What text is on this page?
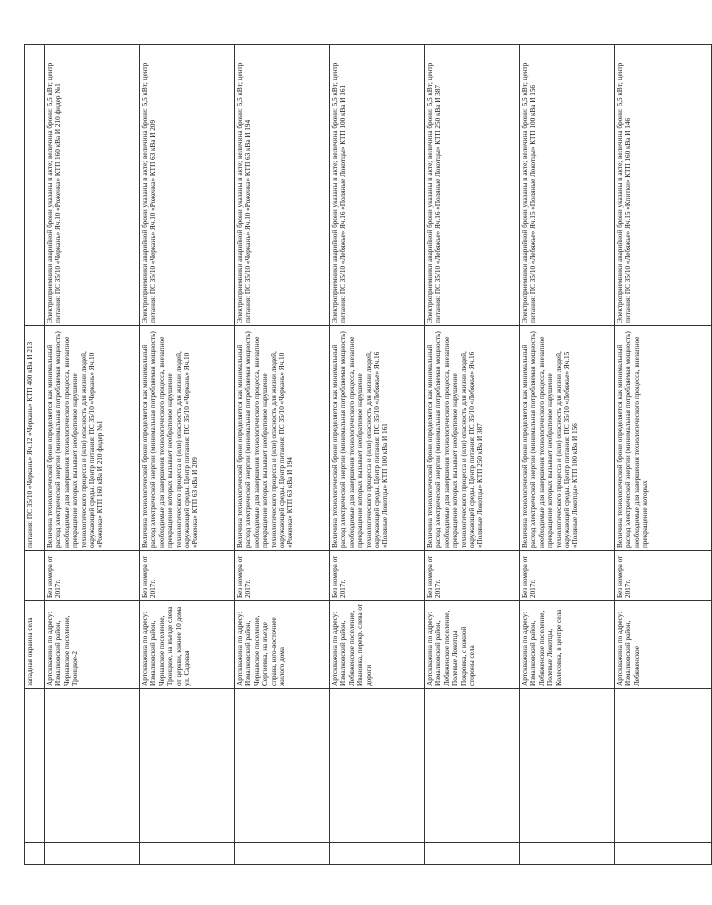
		западная окраина села		питания: ПС 35/10 «Черкань» Яч.12 «Черкань» КТП 400 кВа И 213	
		Артскважина по адресу: Измалковский район, Чернавское поселение, Троицкое-2	Без номера от 2017г.	Величина технологической брони определяется как минимальный расход электрической энергии (минимальная потребляемая мощность) необходимые для завершения технологического процесса, внезапное прекращение которых вызывает необратимое нарушение технологического процесса и (или) опасность для жизни людей, окружающей среды. Центр питания: ПС 35/10 «Черкань» Яч.10 «Роженка» КТП 160 кВа И 210 фидер №1	Электроприемники аварийной брони указаны в акте; величина брони: 5,5 кВт; центр питания: ПС 35/10 «Черкань» Яч.10 «Роженка» КТП 160 кВа И 210 фидер №1
		Артскважина по адресу: Измалковский район, Чернавское поселение, Троицкое, на въезде слева от церкви, южнее 10 дома ул. Садовая	Без номера от 2017г.	Величина технологической брони определяется как минимальный расход электрической энергии (минимальная потребляемая мощность) необходимые для завершения технологического процесса, внезапное прекращение которых вызывает необратимое нарушение технологического процесса и (или) опасность для жизни людей, окружающей среды. Центр питания: ПС 35/10 «Черкань» Яч.10 «Роженка» КТП 63 кВа И 209	Электроприемники аварийной брони указаны в акте; величина брони: 5,5 кВт; центр питания: ПС 35/10 «Черкань» Яч.10 «Роженка» КТП 63 кВа И 209
		Артскважина по адресу: Измалковский район, Чернавское поселение, Сергиевка, на въезде справа, юго-восточнее жилого дома	Без номера от 2017г.	Величина технологической брони определяется как минимальный расход электрической энергии (минимальная потребляемая мощность) необходимые для завершения технологического процесса, внезапное прекращение которых вызывает необратимое нарушение технологического процесса и (или) опасность для жизни людей, окружающей среды. Центр питания: ПС 35/10 «Черкань» Яч.10 «Роженка» КТП 63 кВа И 194	Электроприемники аварийной брони указаны в акте; величина брони: 5,5 кВт; центр питания: ПС 35/10 «Черкань» Яч.10 «Роженка» КТП 63 кВа И 194
		Артскважина по адресу: Измалковский район, Лебяженское поселение, Ивановка, перекр. слева от дороги	Без номера от 2017г.	Величина технологической брони определяется как минимальный расход электрической энергии (минимальная потребляемая мощность) необходимые для завершения технологического процесса, внезапное прекращение которых вызывает необратимое нарушение технологического процесса и (или) опасность для жизни людей, окружающей среды. Центр питания: ПС 35/10 «Лебяжье» Яч.16 «Поляные Локотцы» КТП 100 кВа И 161	Электроприемники аварийной брони указаны в акте; величина брони: 5,5 кВт; центр питания: ПС 35/10 «Лебяжье» Яч.16 «Поляные Локотцы» КТП 100 кВа И 161
		Артскважина по адресу: Измалковский район, Лебяженское поселение, Полевые Локотцы Покровка, с южной стороны села	Без номера от 2017г.	Величина технологической брони определяется как минимальный расход электрической энергии (минимальная потребляемая мощность) необходимые для завершения технологического процесса, внезапное прекращение которых вызывает необратимое нарушение технологического процесса и (или) опасность для жизни людей, окружающей среды. Центр питания: ПС 35/10 «Лебяжье» Яч.16 «Поляные Локотцы» КТП 250 кВа И 387	Электроприемники аварийной брони указаны в акте; величина брони: 5,5 кВт; центр питания: ПС 35/10 «Лебяжье» Яч.16 «Поляные Локотцы» КТП 250 кВа И 387
		Артскважина по адресу: Измалковский район, Лебяженское поселение, Полевые Локотцы, Колесовка, в центре села	Без номера от 2017г.	Величина технологической брони определяется как минимальный расход электрической энергии (минимальная потребляемая мощность) необходимые для завершения технологического процесса, внезапное прекращение которых вызывает необратимое нарушение технологического процесса и (или) опасность для жизни людей, окружающей среды. Центр питания: ПС 35/10 «Лебяжье» Яч.15 «Поляные Локотцы» КТП 100 кВа И 156	Электроприемники аварийной брони указаны в акте; величина брони: 5,5 кВт; центр питания: ПС 35/10 «Лебяжье» Яч.15 «Поляные Локотцы» КТП 100 кВа И 156
		Артскважина по адресу: Измалковский район, Лебяженское	Без номера от 2017г.	Величина технологической брони определяется как минимальный расход электрической энергии (минимальная потребляемая мощность) необходимые для завершения технологического процесса, внезапное прекращение которых	Электроприемники аварийной брони указаны в акте; величина брони: 5,5 кВт; центр питания: ПС 35/10 «Лебяжье» Яч.15 «Кпитки» КТП 160 кВа И 146
